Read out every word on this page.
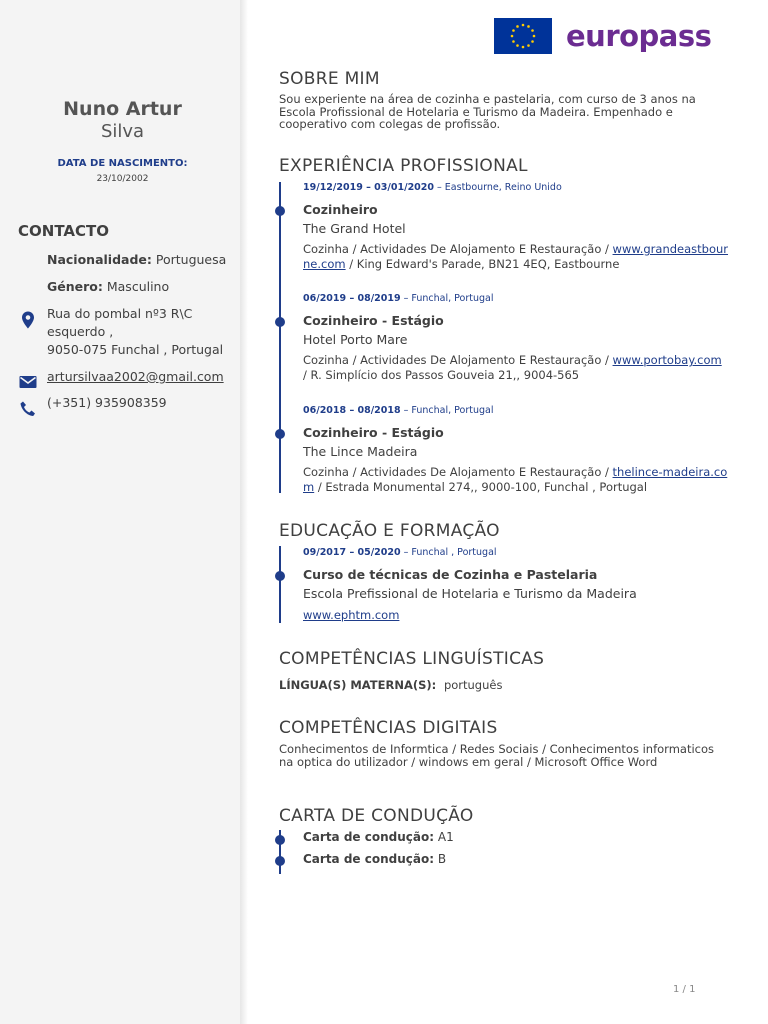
Nuno Artur
Silva
DATA DE NASCIMENTO:
23/10/2002
CONTACTO
Nacionalidade: Portuguesa
Género: Masculino
Rua do pombal nº3 R\C
esquerdo ,
9050-075 Funchal , Portugal
artursilvaa2002@gmail.com
(+351) 935908359
europass
SOBRE MIM
Sou experiente na área de cozinha e pastelaria, com curso de 3 anos na Escola Profissional de Hotelaria e Turismo da Madeira. Empenhado e cooperativo com colegas de profissão.
EXPERIÊNCIA PROFISSIONAL
19/12/2019 – 03/01/2020 – Eastbourne, Reino Unido
Cozinheiro
The Grand Hotel
Cozinha / Actividades De Alojamento E Restauração / www.grandeastbourne.com / King Edward's Parade, BN21 4EQ, Eastbourne
06/2019 – 08/2019 – Funchal, Portugal
Cozinheiro - Estágio
Hotel Porto Mare
Cozinha / Actividades De Alojamento E Restauração / www.portobay.com / R. Simplício dos Passos Gouveia 21,, 9004-565
06/2018 – 08/2018 – Funchal, Portugal
Cozinheiro - Estágio
The Lince Madeira
Cozinha / Actividades De Alojamento E Restauração / thelince-madeira.com / Estrada Monumental 274,, 9000-100, Funchal , Portugal
EDUCAÇÃO E FORMAÇÃO
09/2017 – 05/2020 – Funchal , Portugal
Curso de técnicas de Cozinha e Pastelaria
Escola Prefissional de Hotelaria e Turismo da Madeira
www.ephtm.com
COMPETÊNCIAS LINGUÍSTICAS
LÍNGUA(S) MATERNA(S): português
COMPETÊNCIAS DIGITAIS
Conhecimentos de Informtica / Redes Sociais / Conhecimentos informaticos na optica do utilizador / windows em geral / Microsoft Office Word
CARTA DE CONDUÇÃO
Carta de condução: A1
Carta de condução: B
1 / 1
